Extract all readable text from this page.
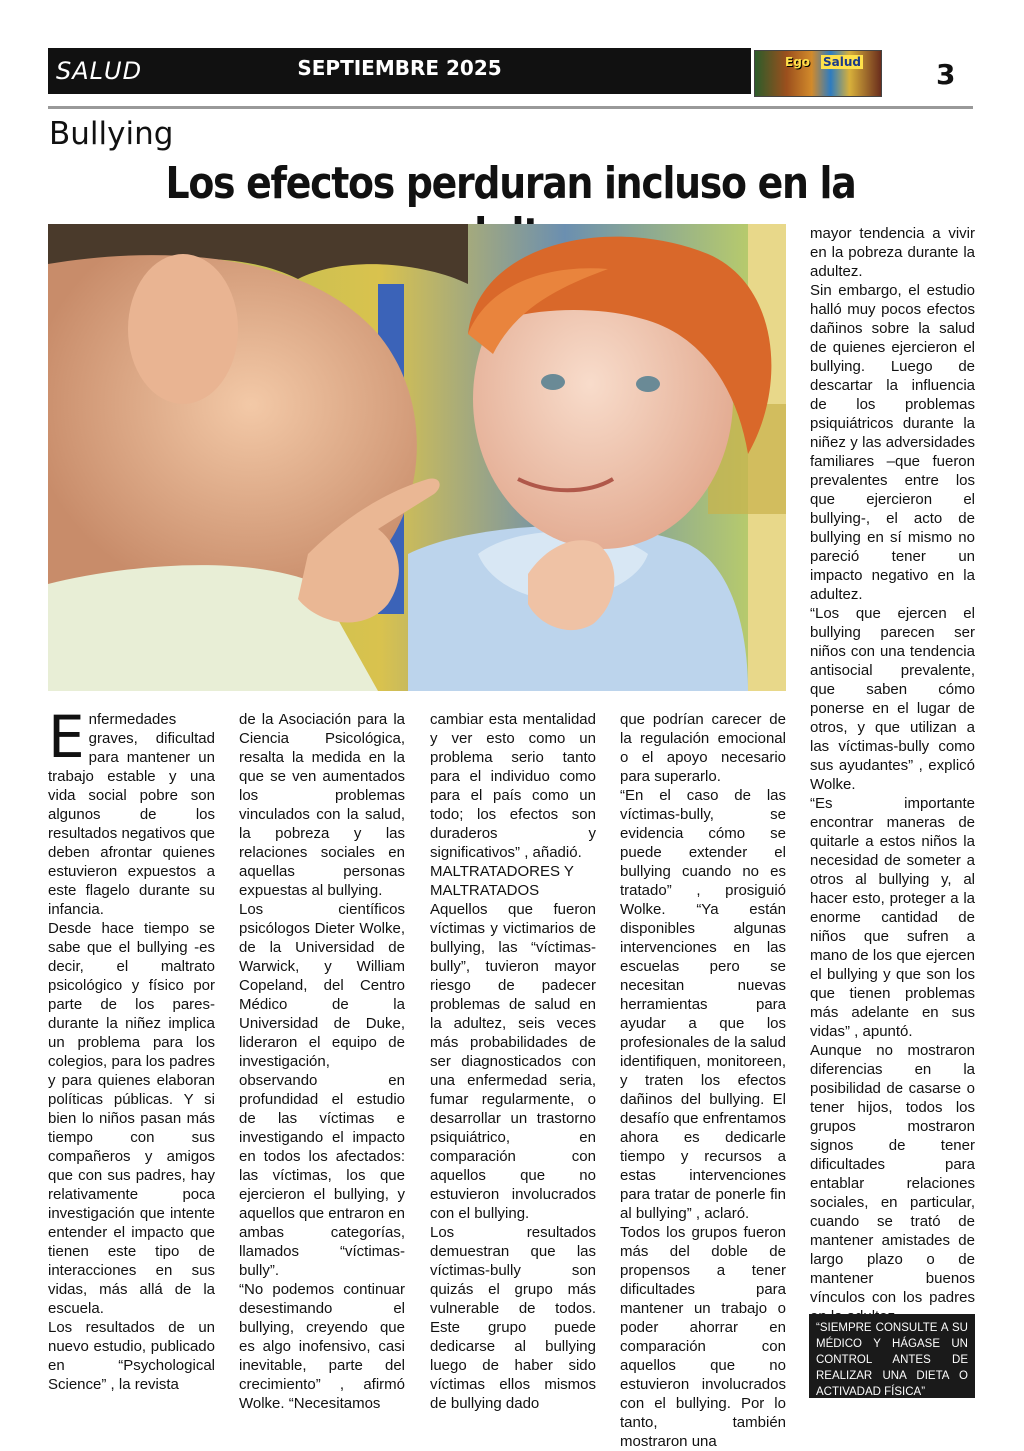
SALUD	SEPTIEMBRE 2025	Ego Salud	3
Bullying
Los efectos perduran incluso en la

Enfermedades graves, dificultad para mantener un trabajo estable y una vida social pobre son algunos de los resultados negativos que deben afrontar quienes estuvieron expuestos a este flagelo durante su infancia.

Desde hace tiempo se sabe que el bullying -es decir, el maltrato psicológico y físico por parte de los pares- durante la niñez implica un problema para los colegios, para los padres y para quienes elaboran políticas públicas. Y si bien lo niños pasan más tiempo con sus compañeros y amigos que con sus padres, hay relativamente poca investigación que intente entender el impacto que tienen este tipo de interacciones en sus vidas, más allá de la escuela.

Los resultados de un nuevo estudio, publicado en “Psychological Science” , la revista

de la Asociación para la Ciencia Psicológica, resalta la medida en la que se ven aumentados los problemas vinculados con la salud, la pobreza y las relaciones sociales en aquellas personas expuestas al bullying.

Los científicos psicólogos Dieter Wolke, de la Universidad de Warwick, y William Copeland, del Centro Médico de la Universidad de Duke, lideraron el equipo de investigación, observando en profundidad el estudio de las víctimas e investigando el impacto en todos los afectados: las víctimas, los que ejercieron el bullying, y aquellos que entraron en ambas categorías, llamados “víctimas-bully”.

“No podemos continuar desestimando el bullying, creyendo que es algo inofensivo, casi inevitable, parte del crecimiento” , afirmó Wolke. “Necesitamos

cambiar esta mentalidad y ver esto como un problema serio tanto para el individuo como para el país como un todo; los efectos son duraderos y significativos” , añadió.

MALTRATADORES Y MALTRATADOS

Aquellos que fueron víctimas y victimarios de bullying, las “víctimas-bully”, tuvieron mayor riesgo de padecer problemas de salud en la adultez, seis veces más probabilidades de ser diagnosticados con una enfermedad seria, fumar regularmente, o desarrollar un trastorno psiquiátrico, en comparación con aquellos que no estuvieron involucrados con el bullying.

Los resultados demuestran que las víctimas-bully son quizás el grupo más vulnerable de todos. Este grupo puede dedicarse al bullying luego de haber sido víctimas ellos mismos de bullying dado

que podrían carecer de la regulación emocional o el apoyo necesario para superarlo.

“En el caso de las víctimas-bully, se evidencia cómo se puede extender el bullying cuando no es tratado” , prosiguió Wolke. “Ya están disponibles algunas intervenciones en las escuelas pero se necesitan nuevas herramientas para ayudar a que los profesionales de la salud identifiquen, monitoreen, y traten los efectos dañinos del bullying. El desafío que enfrentamos ahora es dedicarle tiempo y recursos a estas intervenciones para tratar de ponerle fin al bullying” , aclaró.

Todos los grupos fueron más del doble de propensos a tener dificultades para mantener un trabajo o poder ahorrar en comparación con aquellos que no estuvieron involucrados con el bullying. Por lo tanto, también mostraron una

mayor tendencia a vivir en la pobreza durante la adultez.

Sin embargo, el estudio halló muy pocos efectos dañinos sobre la salud de quienes ejercieron el bullying. Luego de descartar la influencia de los problemas psiquiátricos durante la niñez y las adversidades familiares –que fueron prevalentes entre los que ejercieron el bullying-, el acto de bullying en sí mismo no pareció tener un impacto negativo en la adultez.

“Los que ejercen el bullying parecen ser niños con una tendencia antisocial prevalente, que saben cómo ponerse en el lugar de otros, y que utilizan a las víctimas-bully como sus ayudantes” , explicó Wolke.

“Es importante encontrar maneras de quitarle a estos niños la necesidad de someter a otros al bullying y, al hacer esto, proteger a la enorme cantidad de niños que sufren a mano de los que ejercen el bullying y que son los que tienen problemas más adelante en sus vidas” , apuntó.

Aunque no mostraron diferencias en la posibilidad de casarse o tener hijos, todos los grupos mostraron signos de tener dificultades para entablar relaciones sociales, en particular, cuando se trató de mantener amistades de largo plazo o de mantener buenos vínculos con los padres

“SIEMPRE CONSULTE A SU MÉDICO Y HÁGASE UN CONTROL ANTES DE REALIZAR UNA DIETA O ACTIVADAD FÍSICA”
